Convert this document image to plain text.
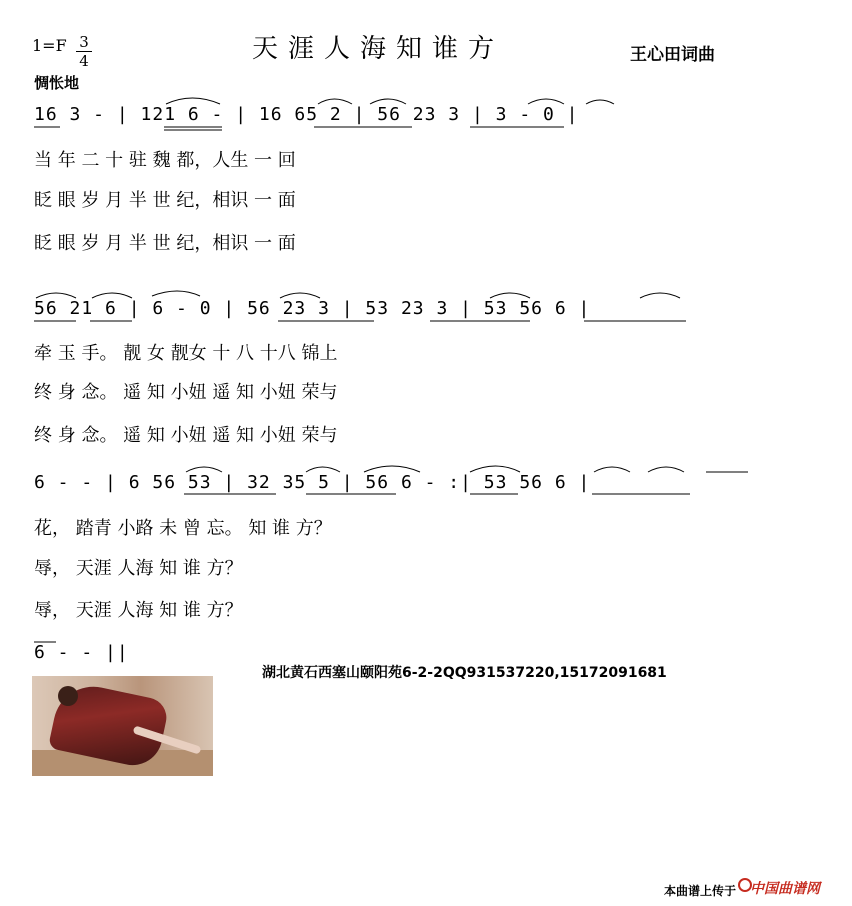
$1=F \frac{3}{4}$
惆怅地
天涯人海知谁方	王心田词曲
16 3 - | 121 6 - | 16 65 2 | 56 23 3 | 3 - 0 |
当 年 二 十 驻 魏 都，人生 一 回
眨 眼 岁 月 半 世 纪，相识 一 面
眨 眼 岁 月 半 世 纪，相识 一 面
56 21 6 | 6 - 0 | 56 23 3 | 53 23 3 | 53 56 6 |
牵 玉 手。 靓 女 靓女 十 八 十八 锦上
终 身 念。 遥 知 小妞 遥 知 小妞 荣与
终 身 念。 遥 知 小妞 遥 知 小妞 荣与
6 - - | 6 56 53 | 32 35 5 | 56 6 - :| 53 56 6 |
花， 踏青 小路 未 曾 忘。 知 谁 方？
辱， 天涯 人海 知 谁 方？
辱， 天涯 人海 知 谁 方？
6 - - ||
湖北黄石西塞山颐阳苑6-2-2QQ931537220,15172091681
本曲谱上传于 中国曲谱网
